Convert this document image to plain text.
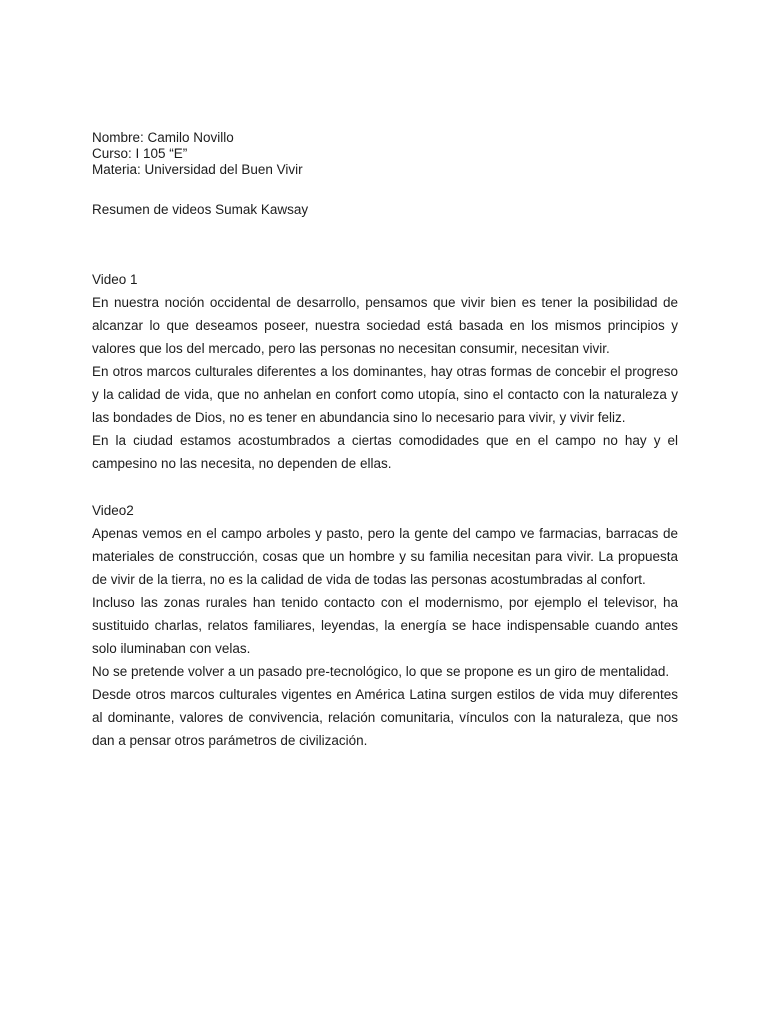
Nombre: Camilo Novillo

Curso: I 105 “E”

Materia: Universidad del Buen Vivir

Resumen de videos Sumak Kawsay

Video 1

En nuestra noción occidental de desarrollo, pensamos que vivir bien es tener la posibilidad de alcanzar lo que deseamos poseer, nuestra sociedad está basada en los mismos principios y valores que los del mercado, pero las personas no necesitan consumir, necesitan vivir.

En otros marcos culturales diferentes a los dominantes, hay otras formas de concebir el progreso y la calidad de vida, que no anhelan en confort como utopía, sino el contacto con la naturaleza y las bondades de Dios, no es tener en abundancia sino lo necesario para vivir, y vivir feliz.

En la ciudad estamos acostumbrados a ciertas comodidades que en el campo no hay y el campesino no las necesita, no dependen de ellas.

Video2

Apenas vemos en el campo arboles y pasto, pero la gente del campo ve farmacias, barracas de materiales de construcción, cosas que un hombre y su familia necesitan para vivir. La propuesta de vivir de la tierra, no es la calidad de vida de todas las personas acostumbradas al confort.

Incluso las zonas rurales han tenido contacto con el modernismo, por ejemplo el televisor, ha sustituido charlas, relatos familiares, leyendas, la energía se hace indispensable cuando antes solo iluminaban con velas.

No se pretende volver a un pasado pre-tecnológico, lo que se propone es un giro de mentalidad.

Desde otros marcos culturales vigentes en América Latina surgen estilos de vida muy diferentes al dominante, valores de convivencia, relación comunitaria, vínculos con la naturaleza, que nos dan a pensar otros parámetros de civilización.
